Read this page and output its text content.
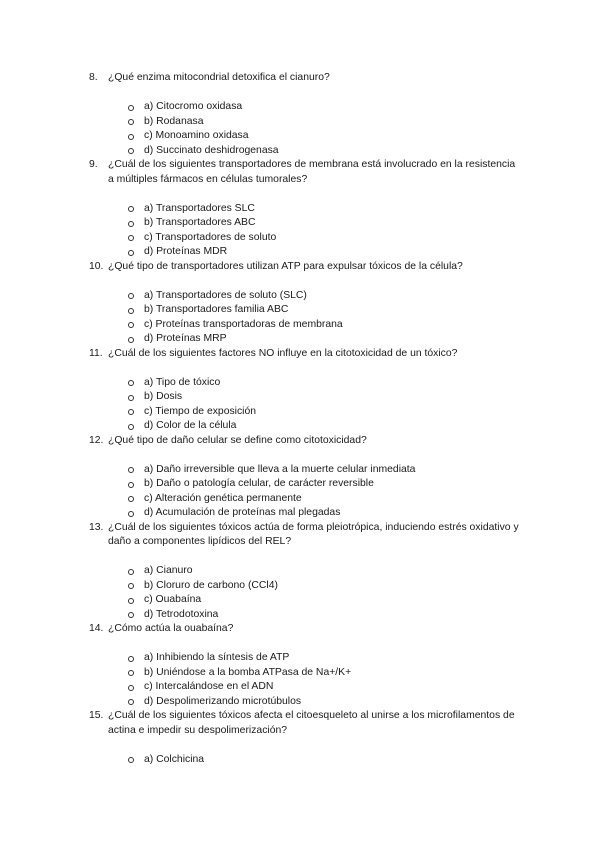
8. ¿Qué enzima mitocondrial detoxifica el cianuro?
a) Citocromo oxidasa
b) Rodanasa
c) Monoamino oxidasa
d) Succinato deshidrogenasa
9. ¿Cuál de los siguientes transportadores de membrana está involucrado en la resistencia a múltiples fármacos en células tumorales?
a) Transportadores SLC
b) Transportadores ABC
c) Transportadores de soluto
d) Proteínas MDR
10. ¿Qué tipo de transportadores utilizan ATP para expulsar tóxicos de la célula?
a) Transportadores de soluto (SLC)
b) Transportadores familia ABC
c) Proteínas transportadoras de membrana
d) Proteínas MRP
11. ¿Cuál de los siguientes factores NO influye en la citotoxicidad de un tóxico?
a) Tipo de tóxico
b) Dosis
c) Tiempo de exposición
d) Color de la célula
12. ¿Qué tipo de daño celular se define como citotoxicidad?
a) Daño irreversible que lleva a la muerte celular inmediata
b) Daño o patología celular, de carácter reversible
c) Alteración genética permanente
d) Acumulación de proteínas mal plegadas
13. ¿Cuál de los siguientes tóxicos actúa de forma pleiotrópica, induciendo estrés oxidativo y daño a componentes lipídicos del REL?
a) Cianuro
b) Cloruro de carbono (CCl4)
c) Ouabaína
d) Tetrodotoxina
14. ¿Cómo actúa la ouabaína?
a) Inhibiendo la síntesis de ATP
b) Uniéndose a la bomba ATPasa de Na+/K+
c) Intercalándose en el ADN
d) Despolimerizando microtúbulos
15. ¿Cuál de los siguientes tóxicos afecta el citoesqueleto al unirse a los microfilamentos de actina e impedir su despolimerización?
a) Colchicina
